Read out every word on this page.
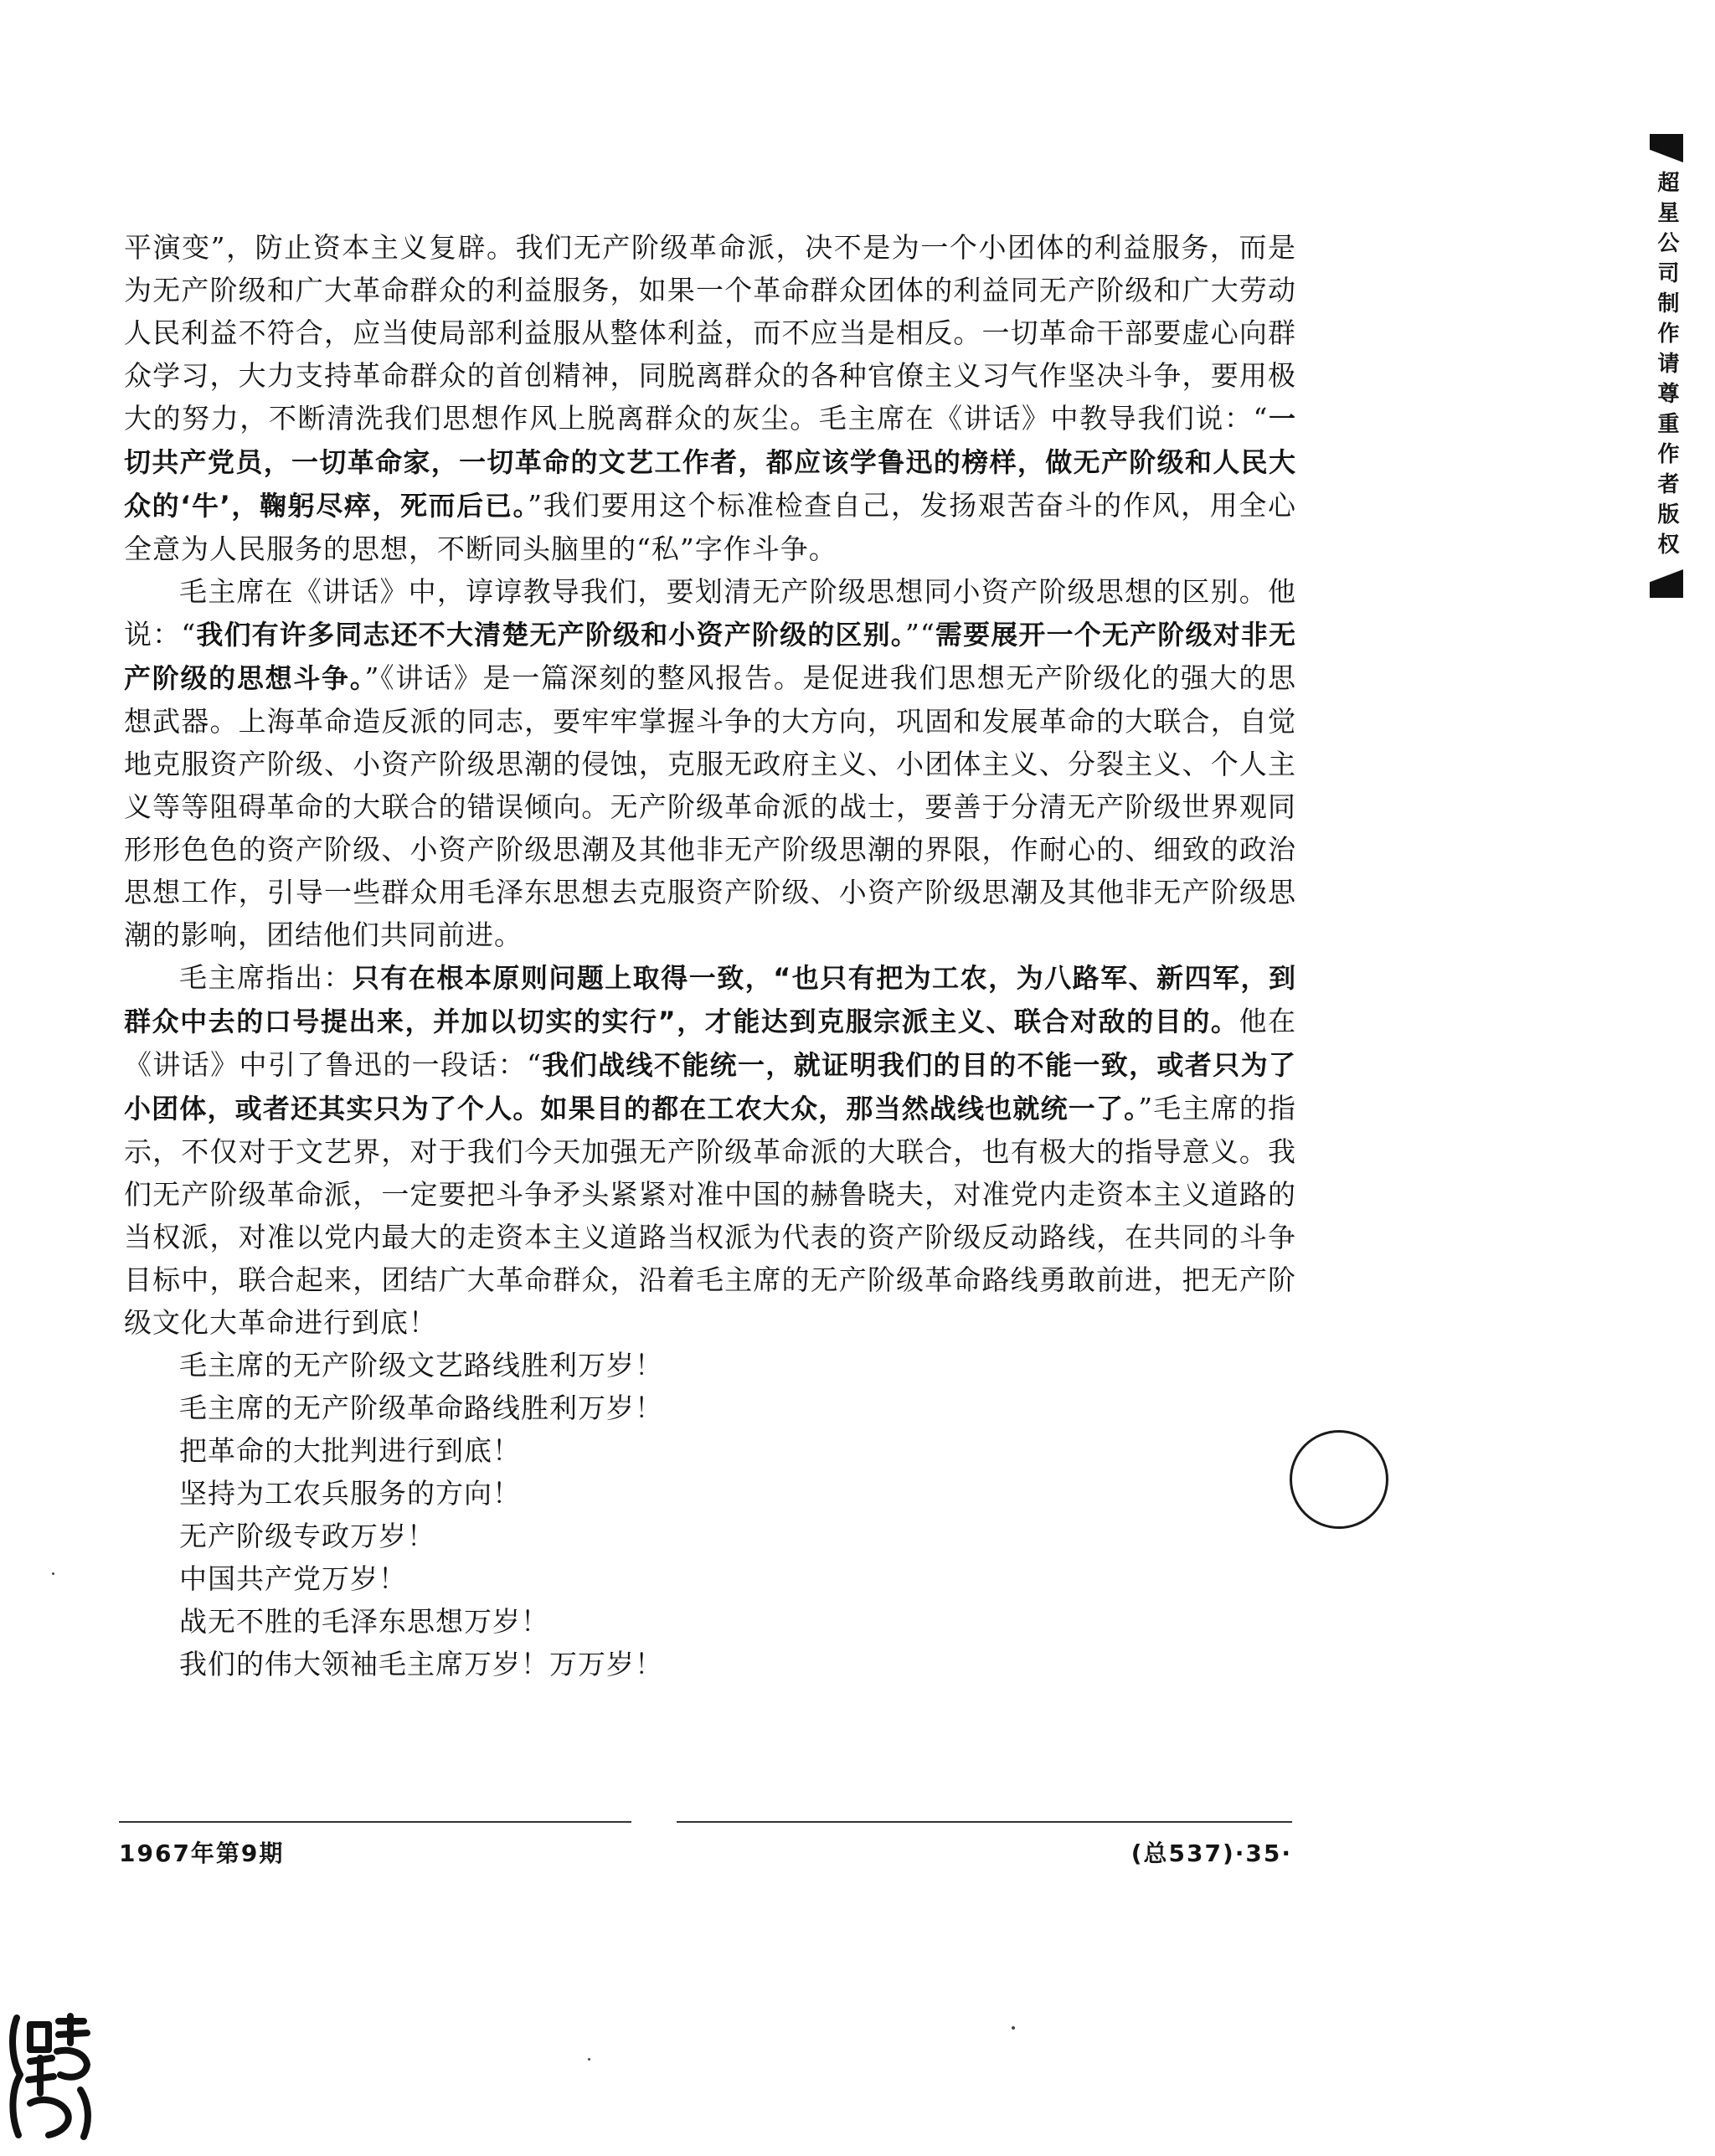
超星公司制作请尊重作者版权

平演变”，防止资本主义复辟。我们无产阶级革命派，决不是为一个小团体的利益服务，而是为无产阶级和广大革命群众的利益服务，如果一个革命群众团体的利益同无产阶级和广大劳动人民利益不符合，应当使局部利益服从整体利益，而不应当是相反。一切革命干部要虚心向群众学习，大力支持革命群众的首创精神，同脱离群众的各种官僚主义习气作坚决斗争，要用极大的努力，不断清洗我们思想作风上脱离群众的灰尘。毛主席在《讲话》中教导我们说：“一切共产党员，一切革命家，一切革命的文艺工作者，都应该学鲁迅的榜样，做无产阶级和人民大众的‘牛’，鞠躬尽瘁，死而后已。”我们要用这个标准检查自己，发扬艰苦奋斗的作风，用全心全意为人民服务的思想，不断同头脑里的“私”字作斗争。

毛主席在《讲话》中，谆谆教导我们，要划清无产阶级思想同小资产阶级思想的区别。他说：“我们有许多同志还不大清楚无产阶级和小资产阶级的区别。”“需要展开一个无产阶级对非无产阶级的思想斗争。”《讲话》是一篇深刻的整风报告。是促进我们思想无产阶级化的强大的思想武器。上海革命造反派的同志，要牢牢掌握斗争的大方向，巩固和发展革命的大联合，自觉地克服资产阶级、小资产阶级思潮的侵蚀，克服无政府主义、小团体主义、分裂主义、个人主义等等阻碍革命的大联合的错误倾向。无产阶级革命派的战士，要善于分清无产阶级世界观同形形色色的资产阶级、小资产阶级思潮及其他非无产阶级思潮的界限，作耐心的、细致的政治思想工作，引导一些群众用毛泽东思想去克服资产阶级、小资产阶级思潮及其他非无产阶级思潮的影响，团结他们共同前进。

毛主席指出：只有在根本原则问题上取得一致，“也只有把为工农，为八路军、新四军，到群众中去的口号提出来，并加以切实的实行”，才能达到克服宗派主义、联合对敌的目的。他在《讲话》中引了鲁迅的一段话：“我们战线不能统一，就证明我们的目的不能一致，或者只为了小团体，或者还其实只为了个人。如果目的都在工农大众，那当然战线也就统一了。”毛主席的指示，不仅对于文艺界，对于我们今天加强无产阶级革命派的大联合，也有极大的指导意义。我们无产阶级革命派，一定要把斗争矛头紧紧对准中国的赫鲁晓夫，对准党内走资本主义道路的当权派，对准以党内最大的走资本主义道路当权派为代表的资产阶级反动路线，在共同的斗争目标中，联合起来，团结广大革命群众，沿着毛主席的无产阶级革命路线勇敢前进，把无产阶级文化大革命进行到底！

毛主席的无产阶级文艺路线胜利万岁！

毛主席的无产阶级革命路线胜利万岁！

把革命的大批判进行到底！

坚持为工农兵服务的方向！

无产阶级专政万岁！

中国共产党万岁！

战无不胜的毛泽东思想万岁！

我们的伟大领袖毛主席万岁！万万岁！

1967年第9期	(总537)·35·
